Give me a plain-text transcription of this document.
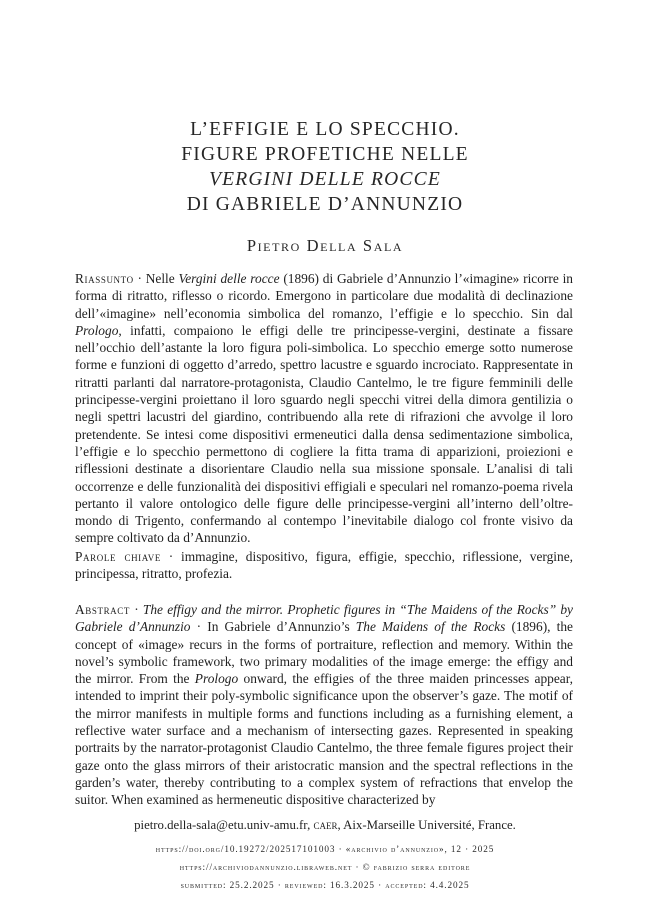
L’EFFIGIE E LO SPECCHIO.
FIGURE PROFETICHE NELLE
VERGINI DELLE ROCCE
DI GABRIELE D’ANNUNZIO
Pietro Della Sala
Riassunto · Nelle Vergini delle rocce (1896) di Gabriele d’Annunzio l’«imagine» ricorre in forma di ritratto, riflesso o ricordo. Emergono in particolare due modalità di declinazione dell’«imagine» nell’economia simbolica del romanzo, l’effigie e lo specchio. Sin dal Prologo, infatti, compaiono le effigi delle tre principesse-vergini, destinate a fissare nell’occhio dell’astante la loro figura poli-simbolica. Lo specchio emerge sotto numerose forme e funzioni di oggetto d’arredo, spettro lacustre e sguardo incrociato. Rappresentate in ritratti parlanti dal narratore-protagonista, Claudio Cantelmo, le tre figure femminili delle principesse-vergini proiettano il loro sguardo negli specchi vitrei della dimora gentilizia o negli spettri lacustri del giardino, contribuendo alla rete di rifrazioni che avvolge il loro pretendente. Se intesi come dispositivi ermeneutici dalla densa sedimentazione simbolica, l’effigie e lo specchio permettono di cogliere la fitta trama di apparizioni, proiezioni e riflessioni destinate a disorientare Claudio nella sua missione sponsale. L’analisi di tali occorrenze e delle funzionalità dei dispositivi effigiali e speculari nel romanzo-poema rivela pertanto il valore ontologico delle figure delle principesse-vergini all’interno dell’oltre-mondo di Trigento, confermando al contempo l’inevitabile dialogo col fronte visivo da sempre coltivato da d’Annunzio.
Parole chiave · immagine, dispositivo, figura, effigie, specchio, riflessione, vergine, principessa, ritratto, profezia.
Abstract · The effigy and the mirror. Prophetic figures in “The Maidens of the Rocks” by Gabriele d’Annunzio · In Gabriele d’Annunzio’s The Maidens of the Rocks (1896), the concept of «image» recurs in the forms of portraiture, reflection and memory. Within the novel’s symbolic framework, two primary modalities of the image emerge: the effigy and the mirror. From the Prologo onward, the effigies of the three maiden princesses appear, intended to imprint their poly-symbolic significance upon the observer’s gaze. The motif of the mirror manifests in multiple forms and functions including as a furnishing element, a reflective water surface and a mechanism of intersecting gazes. Represented in speaking portraits by the narrator-protagonist Claudio Cantelmo, the three female figures project their gaze onto the glass mirrors of their aristocratic mansion and the spectral reflections in the garden’s water, thereby contributing to a complex system of refractions that envelop the suitor. When examined as hermeneutic dispositive characterized by
pietro.della-sala@etu.univ-amu.fr, caer, Aix-Marseille Université, France.
https://doi.org/10.19272/202517101003 · «archivio d’annunzio», 12 · 2025
https://archiviodannunzio.libraweb.net · © fabrizio serra editore
submitted: 25.2.2025 · reviewed: 16.3.2025 · accepted: 4.4.2025
